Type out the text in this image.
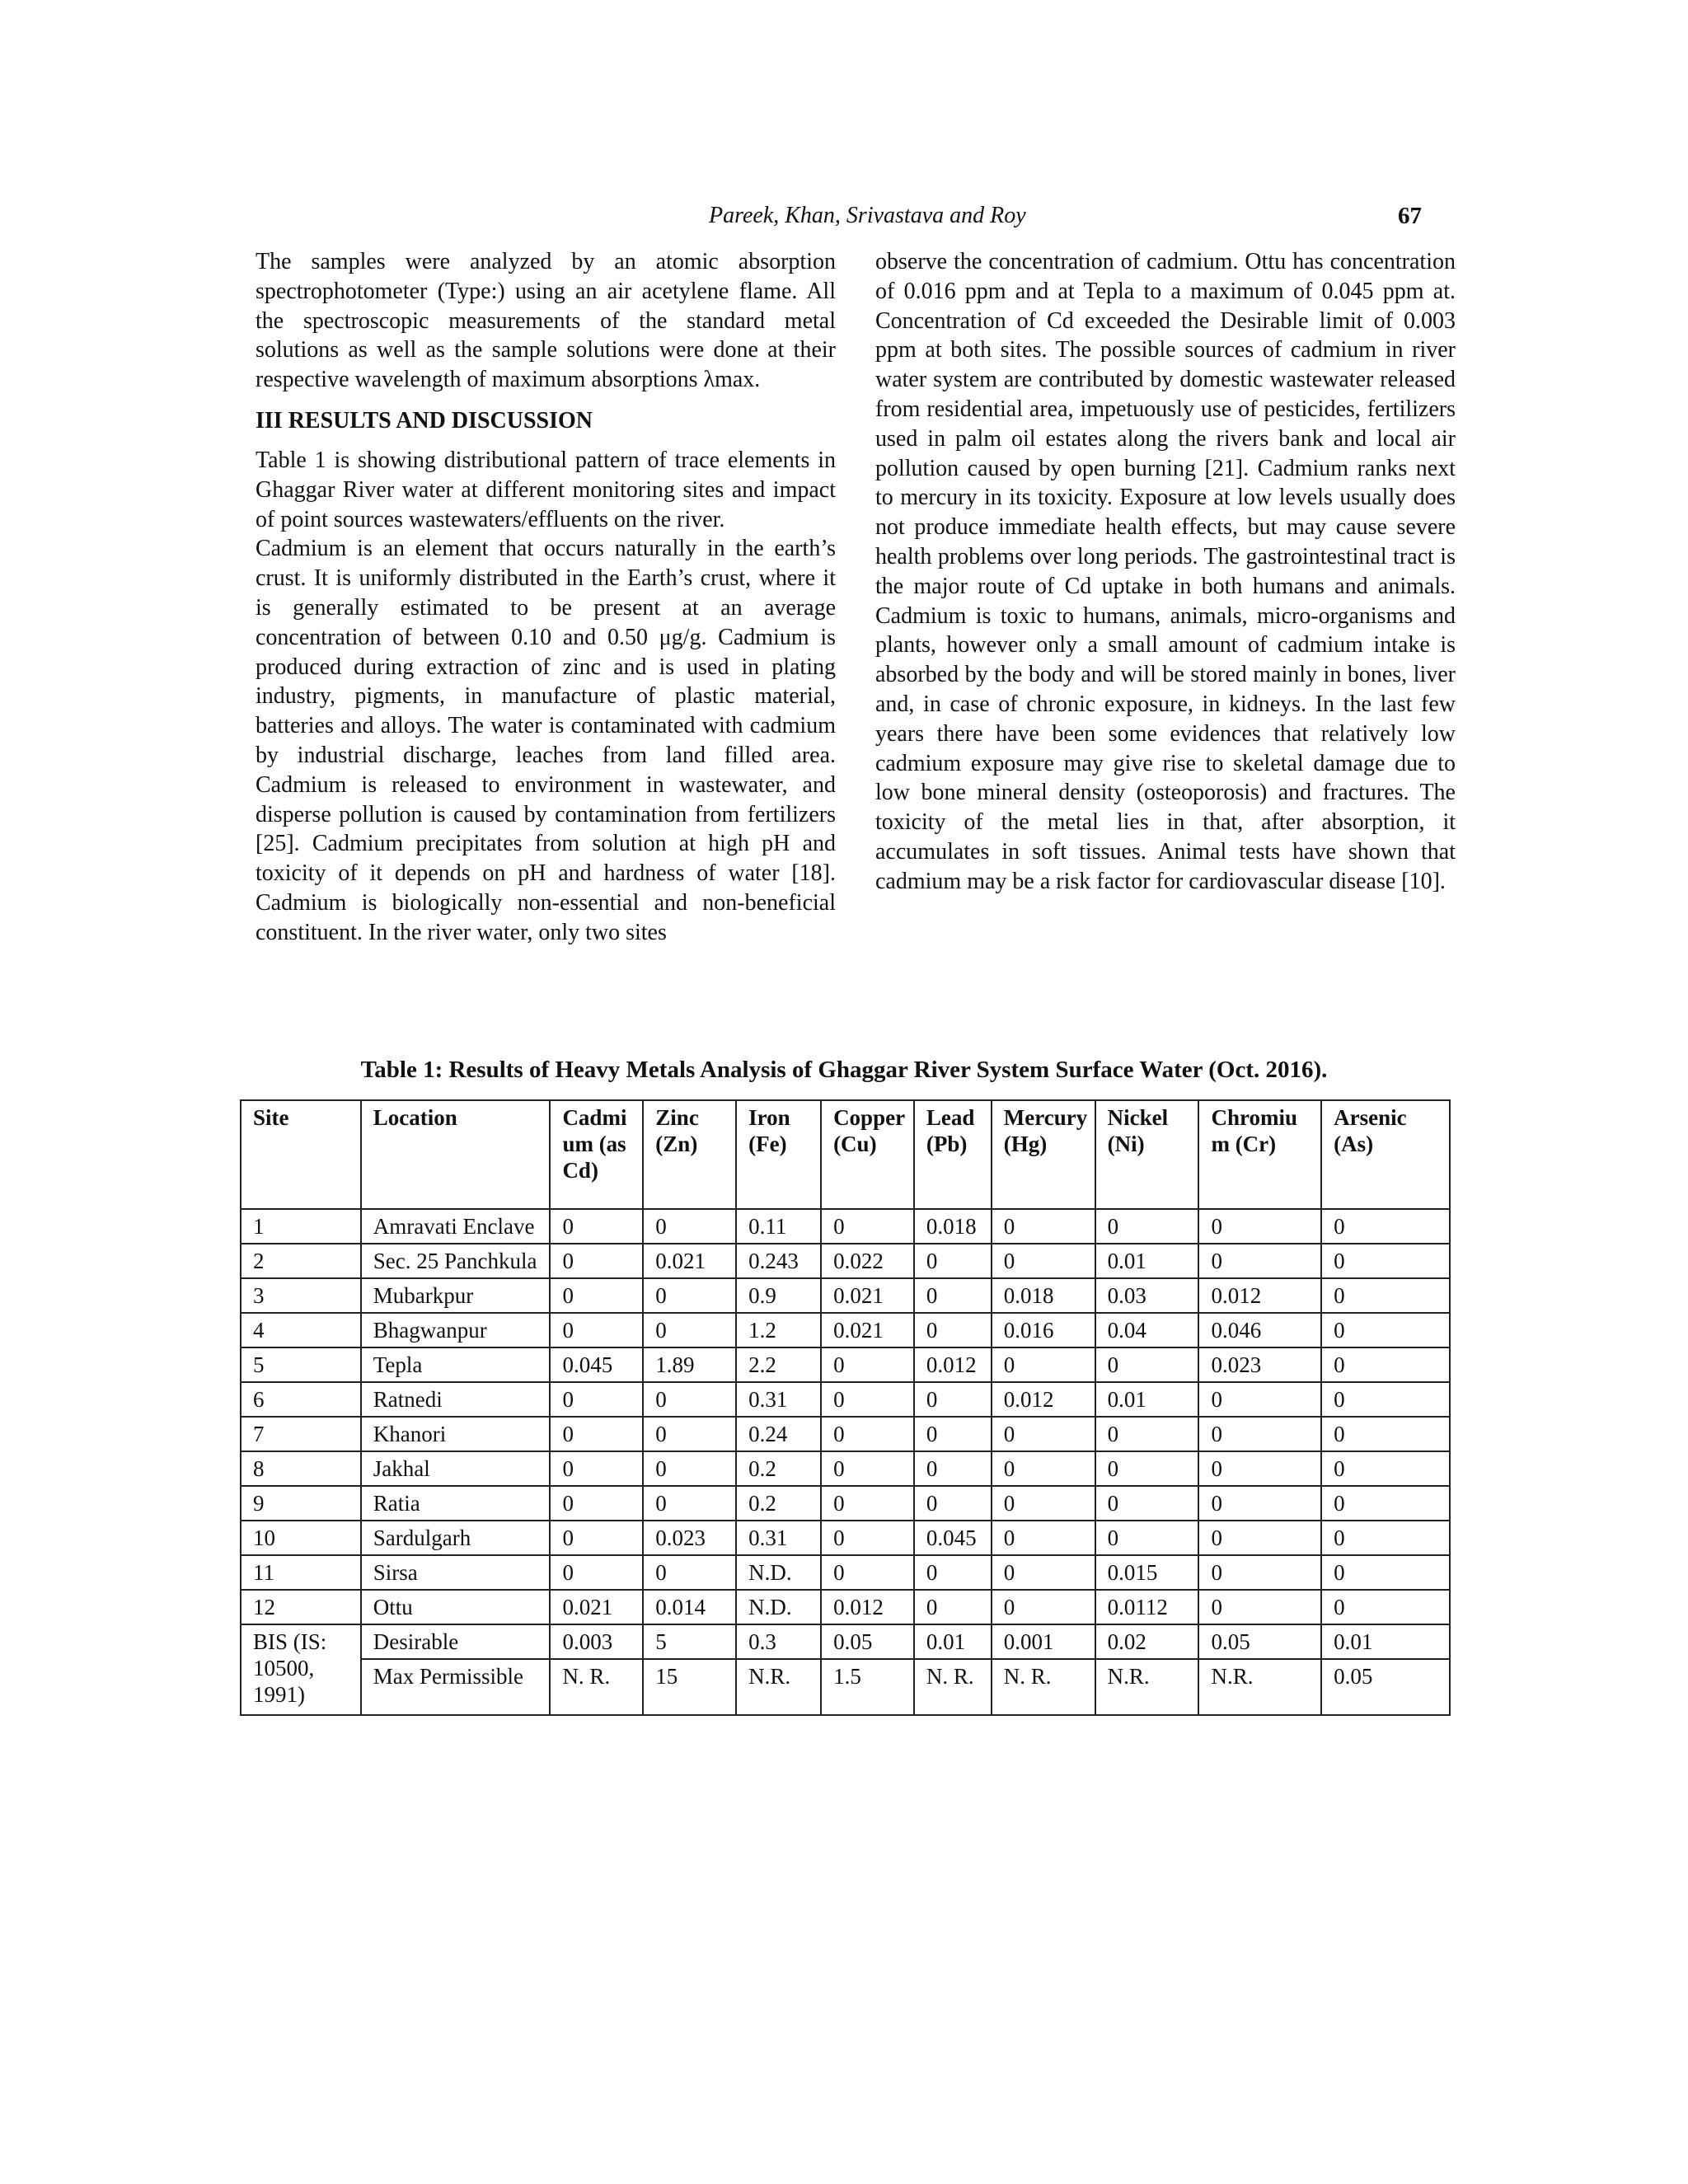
Pareek, Khan, Srivastava and Roy	67

The samples were analyzed by an atomic absorption spectrophotometer (Type:) using an air acetylene flame. All the spectroscopic measurements of the standard metal solutions as well as the sample solutions were done at their respective wavelength of maximum absorptions λmax.

III RESULTS AND DISCUSSION

Table 1 is showing distributional pattern of trace elements in Ghaggar River water at different monitoring sites and impact of point sources wastewaters/effluents on the river.

Cadmium is an element that occurs naturally in the earth’s crust. It is uniformly distributed in the Earth’s crust, where it is generally estimated to be present at an average concentration of between 0.10 and 0.50 μg/g. Cadmium is produced during extraction of zinc and is used in plating industry, pigments, in manufacture of plastic material, batteries and alloys. The water is contaminated with cadmium by industrial discharge, leaches from land filled area. Cadmium is released to environment in wastewater, and disperse pollution is caused by contamination from fertilizers [25]. Cadmium precipitates from solution at high pH and toxicity of it depends on pH and hardness of water [18]. Cadmium is biologically non-essential and non-beneficial constituent. In the river water, only two sites

observe the concentration of cadmium. Ottu has concentration of 0.016 ppm and at Tepla to a maximum of 0.045 ppm at. Concentration of Cd exceeded the Desirable limit of 0.003 ppm at both sites. The possible sources of cadmium in river water system are contributed by domestic wastewater released from residential area, impetuously use of pesticides, fertilizers used in palm oil estates along the rivers bank and local air pollution caused by open burning [21]. Cadmium ranks next to mercury in its toxicity. Exposure at low levels usually does not produce immediate health effects, but may cause severe health problems over long periods. The gastrointestinal tract is the major route of Cd uptake in both humans and animals. Cadmium is toxic to humans, animals, micro-organisms and plants, however only a small amount of cadmium intake is absorbed by the body and will be stored mainly in bones, liver and, in case of chronic exposure, in kidneys. In the last few years there have been some evidences that relatively low cadmium exposure may give rise to skeletal damage due to low bone mineral density (osteoporosis) and fractures. The toxicity of the metal lies in that, after absorption, it accumulates in soft tissues. Animal tests have shown that cadmium may be a risk factor for cardiovascular disease [10].

Table 1: Results of Heavy Metals Analysis of Ghaggar River System Surface Water (Oct. 2016).
Site	Location	Cadmium (as Cd)	Zinc (Zn)	Iron (Fe)	Copper (Cu)	Lead (Pb)	Mercury (Hg)	Nickel (Ni)	Chromium (Cr)	Arsenic (As)
1	Amravati Enclave	0	0	0.11	0	0.018	0	0	0	0
2	Sec. 25 Panchkula	0	0.021	0.243	0.022	0	0	0.01	0	0
3	Mubarkpur	0	0	0.9	0.021	0	0.018	0.03	0.012	0
4	Bhagwanpur	0	0	1.2	0.021	0	0.016	0.04	0.046	0
5	Tepla	0.045	1.89	2.2	0	0.012	0	0	0.023	0
6	Ratnedi	0	0	0.31	0	0	0.012	0.01	0	0
7	Khanori	0	0	0.24	0	0	0	0	0	0
8	Jakhal	0	0	0.2	0	0	0	0	0	0
9	Ratia	0	0	0.2	0	0	0	0	0	0
10	Sardulgarh	0	0.023	0.31	0	0.045	0	0	0	0
11	Sirsa	0	0	N.D.	0	0	0	0.015	0	0
12	Ottu	0.021	0.014	N.D.	0.012	0	0	0.0112	0	0
BIS (IS: 10500, 1991)	Desirable	0.003	5	0.3	0.05	0.01	0.001	0.02	0.05	0.01
	Max Permissible	N. R.	15	N.R.	1.5	N. R.	N. R.	N.R.	N.R.	0.05
